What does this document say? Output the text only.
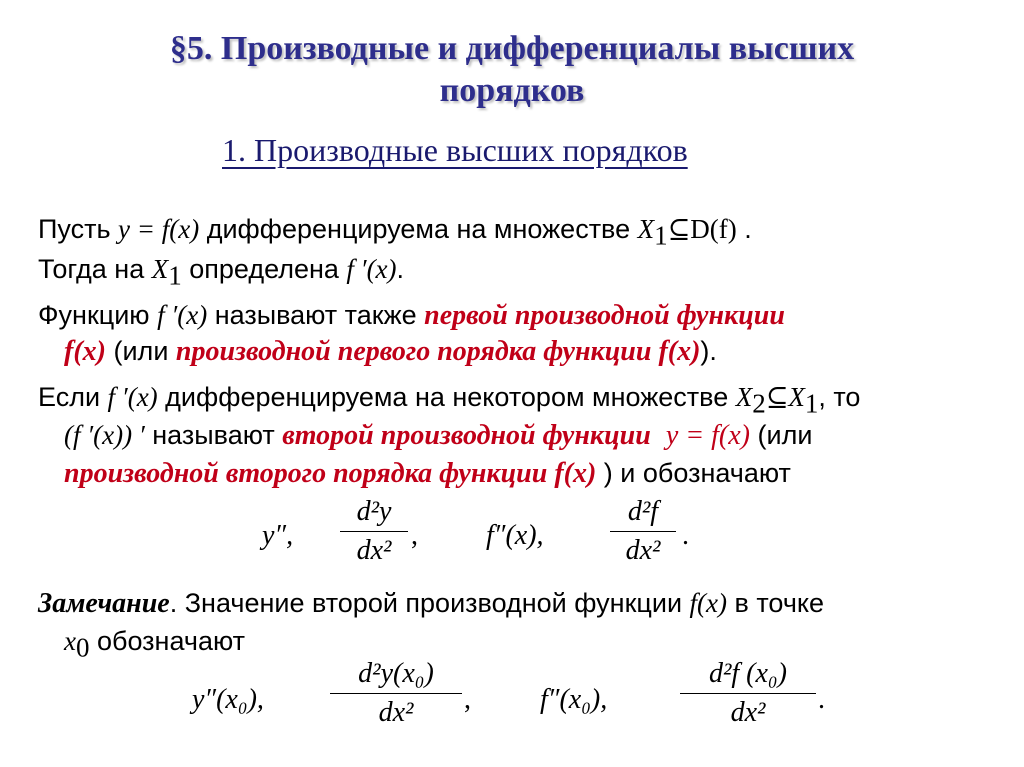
§5. Производные и дифференциалы высших
порядков
1. Производные высших порядков
Пусть y = f(x) дифференцируема на множестве $X_1⊆D(f)$ .
Тогда на $X_1$ определена f ′(x).
Функцию f ′(x) называют также первой производной функции
f(x) (или производной первого порядка функции f(x)).
Если f ′(x) дифференцируема на некотором множестве $X_2⊆X_1$, то
(f ′(x)) ′ называют второй производной функции y = f(x) (или
производной второго порядка функции f(x) ) и обозначают
y″,
d²y
dx² , f″(x),
d²f
dx² .
Замечание. Значение второй производной функции f(x) в точке
$x_0$ обозначают
y″(x₀),
d²y(x₀)
dx²	, f″(x₀),
d²f (x₀)
dx²	.
